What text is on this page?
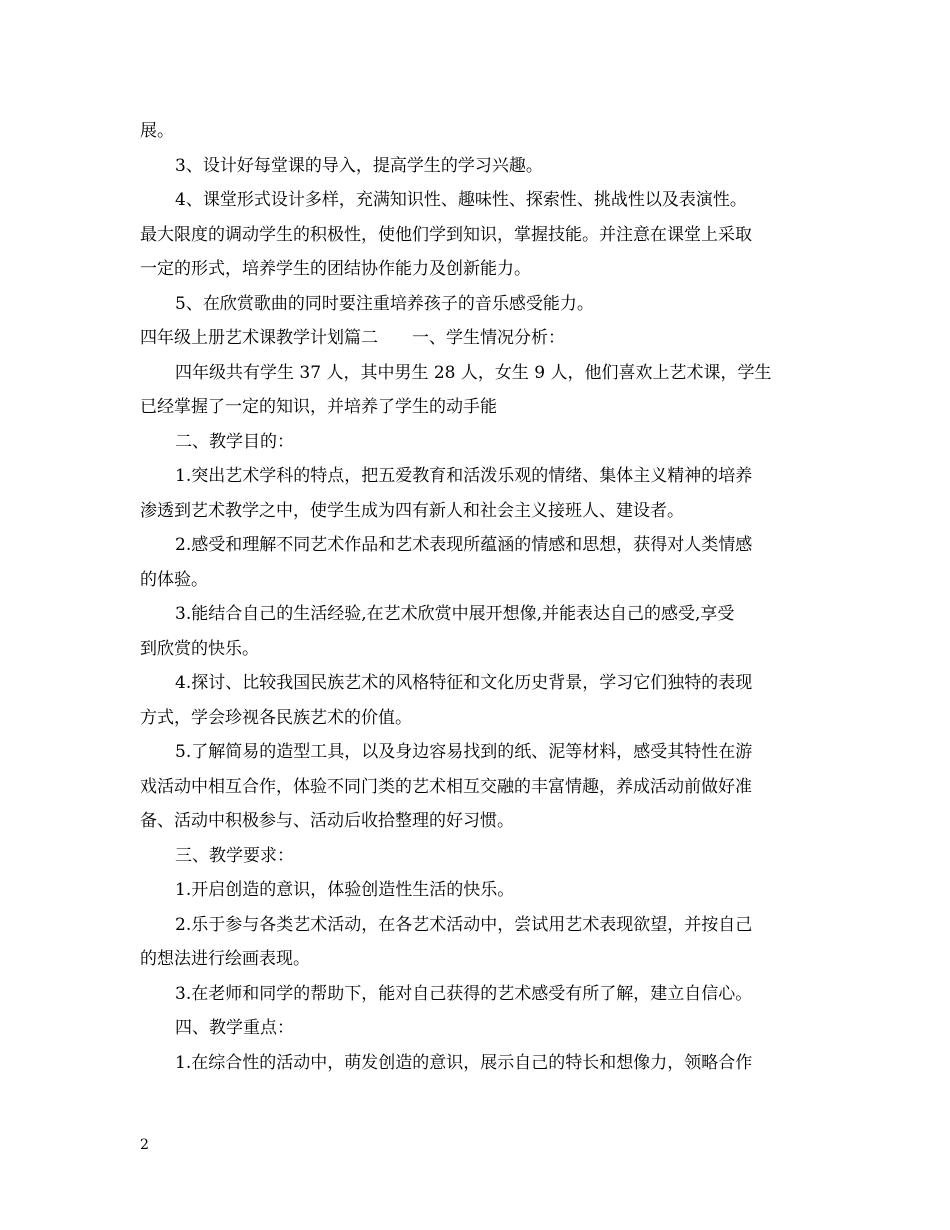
展。
3、设计好每堂课的导入，提高学生的学习兴趣。
4、课堂形式设计多样，充满知识性、趣味性、探索性、挑战性以及表演性。
最大限度的调动学生的积极性，使他们学到知识，掌握技能。并注意在课堂上采取
一定的形式，培养学生的团结协作能力及创新能力。
5、在欣赏歌曲的同时要注重培养孩子的音乐感受能力。
四年级上册艺术课教学计划篇二　　一、学生情况分析：
四年级共有学生 37 人，其中男生 28 人，女生 9 人，他们喜欢上艺术课，学生
已经掌握了一定的知识，并培养了学生的动手能
二、教学目的：
1.突出艺术学科的特点，把五爱教育和活泼乐观的情绪、集体主义精神的培养
渗透到艺术教学之中，使学生成为四有新人和社会主义接班人、建设者。
2.感受和理解不同艺术作品和艺术表现所蕴涵的情感和思想，获得对人类情感
的体验。
3.能结合自己的生活经验,在艺术欣赏中展开想像,并能表达自己的感受,享受
到欣赏的快乐。
4.探讨、比较我国民族艺术的风格特征和文化历史背景，学习它们独特的表现
方式，学会珍视各民族艺术的价值。
5.了解简易的造型工具，以及身边容易找到的纸、泥等材料，感受其特性在游
戏活动中相互合作，体验不同门类的艺术相互交融的丰富情趣，养成活动前做好准
备、活动中积极参与、活动后收拾整理的好习惯。
三、教学要求：
1.开启创造的意识，体验创造性生活的快乐。
2.乐于参与各类艺术活动，在各艺术活动中，尝试用艺术表现欲望，并按自己
的想法进行绘画表现。
3.在老师和同学的帮助下，能对自己获得的艺术感受有所了解，建立自信心。
四、教学重点：
1.在综合性的活动中，萌发创造的意识，展示自己的特长和想像力，领略合作
2
